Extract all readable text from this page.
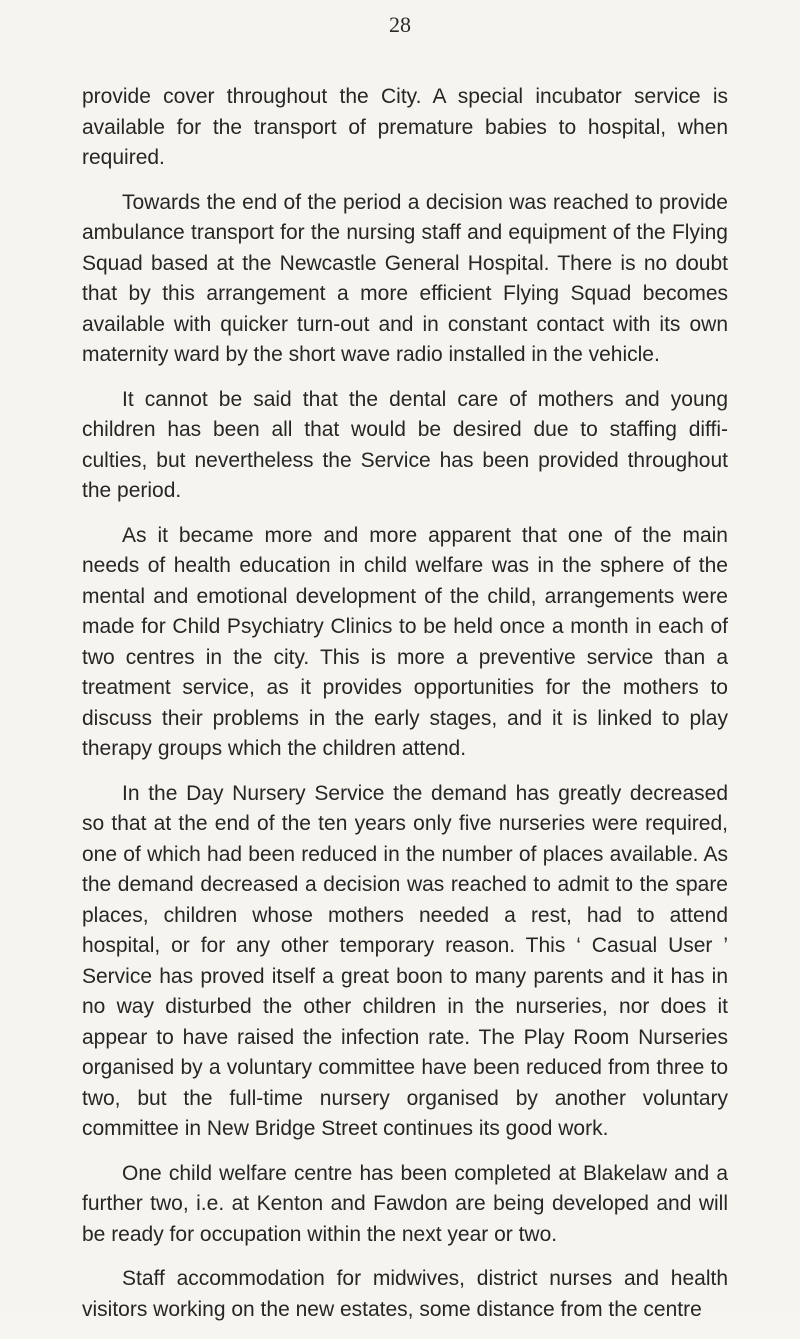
28

provide cover throughout the City. A special incubator service is available for the transport of premature babies to hospital, when required.

Towards the end of the period a decision was reached to provide ambulance transport for the nursing staff and equipment of the Flying Squad based at the Newcastle General Hospital. There is no doubt that by this arrangement a more efficient Flying Squad becomes available with quicker turn-out and in constant contact with its own maternity ward by the short wave radio installed in the vehicle.

It cannot be said that the dental care of mothers and young children has been all that would be desired due to staffing diffi- culties, but nevertheless the Service has been provided throughout the period.

As it became more and more apparent that one of the main needs of health education in child welfare was in the sphere of the mental and emotional development of the child, arrangements were made for Child Psychiatry Clinics to be held once a month in each of two centres in the city. This is more a preventive service than a treatment service, as it provides opportunities for the mothers to discuss their problems in the early stages, and it is linked to play therapy groups which the children attend.

In the Day Nursery Service the demand has greatly decreased so that at the end of the ten years only five nurseries were required, one of which had been reduced in the number of places available. As the demand decreased a decision was reached to admit to the spare places, children whose mothers needed a rest, had to attend hospital, or for any other temporary reason. This ‘ Casual User ’ Service has proved itself a great boon to many parents and it has in no way disturbed the other children in the nurseries, nor does it appear to have raised the infection rate. The Play Room Nurseries organised by a voluntary committee have been reduced from three to two, but the full-time nursery organised by another voluntary committee in New Bridge Street continues its good work.

One child welfare centre has been completed at Blakelaw and a further two, i.e. at Kenton and Fawdon are being developed and will be ready for occupation within the next year or two.

Staff accommodation for midwives, district nurses and health visitors working on the new estates, some distance from the centre
